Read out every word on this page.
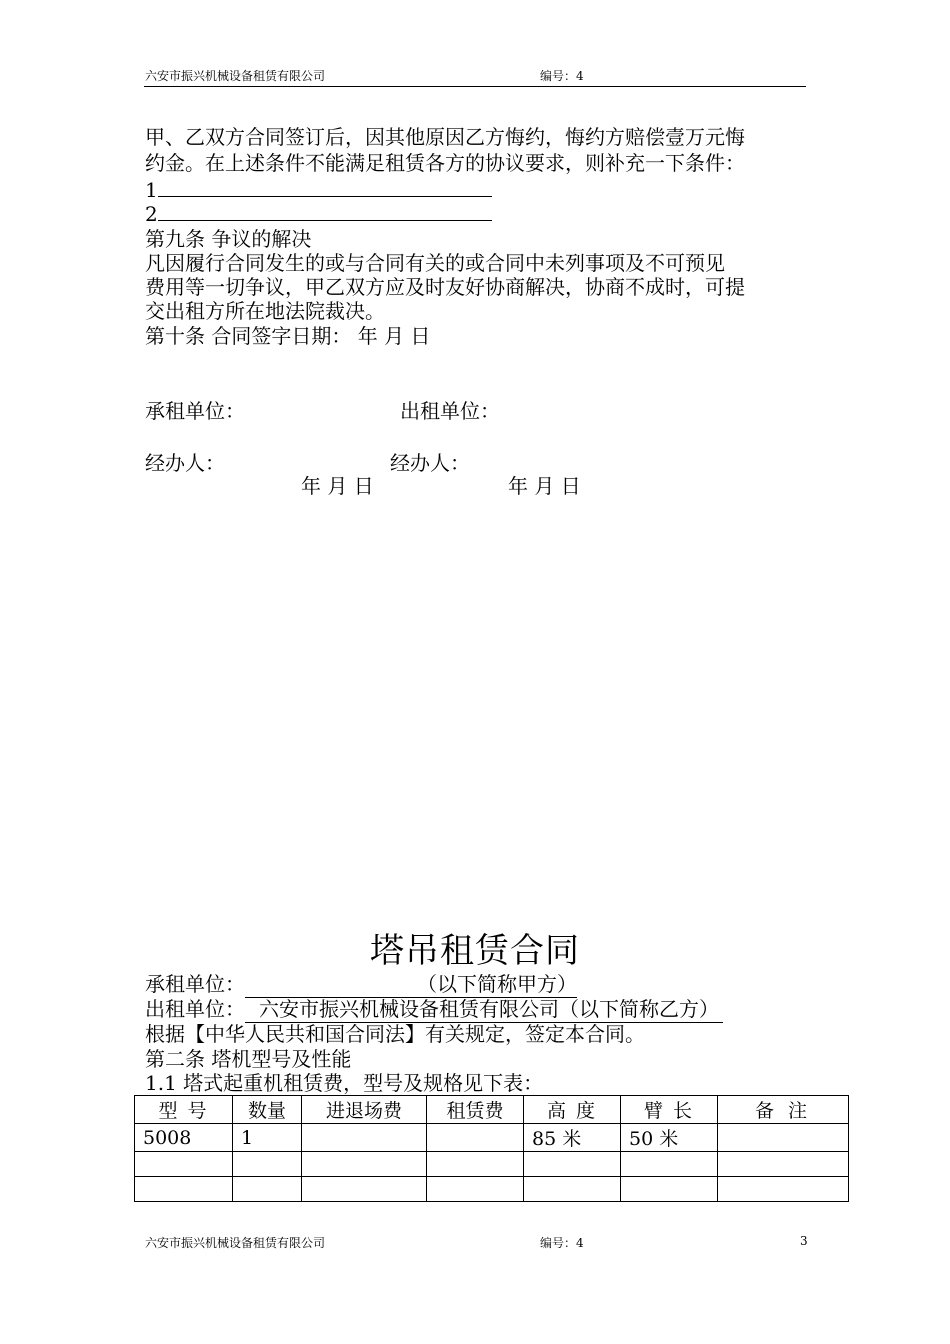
六安市振兴机械设备租赁有限公司	编号：4
甲、乙双方合同签订后，因其他原因乙方悔约，悔约方赔偿壹万元悔
约金。在上述条件不能满足租赁各方的协议要求，则补充一下条件：
1
2
第九条 争议的解决
凡因履行合同发生的或与合同有关的或合同中未列事项及不可预见
费用等一切争议，甲乙双方应及时友好协商解决，协商不成时，可提
交出租方所在地法院裁决。
第十条 合同签字日期： 年 月 日
承租单位：	出租单位：
经办人：	经办人：
年 月 日	年 月 日
塔吊租赁合同
承租单位：	（以下简称甲方）
出租单位： 六安市振兴机械设备租赁有限公司（以下简称乙方）
根据【中华人民共和国合同法】有关规定，签定本合同。
第二条 塔机型号及性能
1.1 塔式起重机租赁费，型号及规格见下表：
型 号	数量	进退场费	租赁费	高 度	臂 长	备 注
5008	1			85 米	50 米	

六安市振兴机械设备租赁有限公司	编号：4	3
